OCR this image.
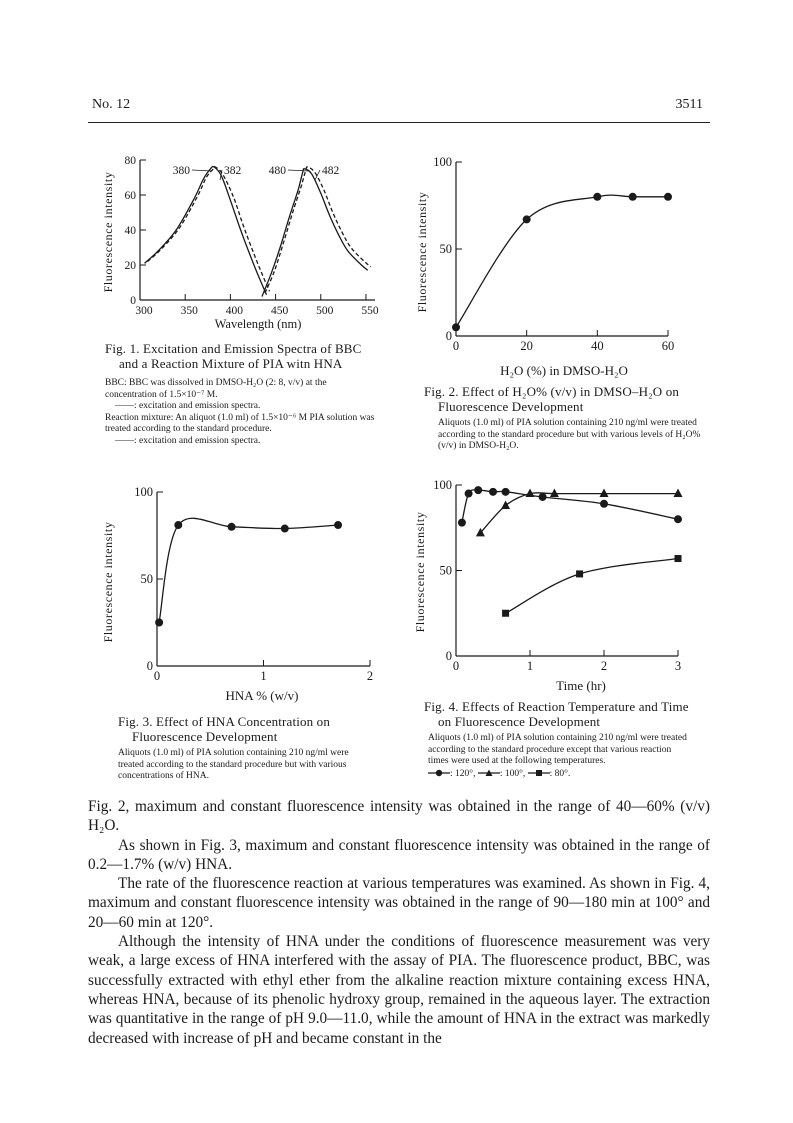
No. 12	3511
Fluorescence intensity
Wavelength (nm)
0
20
40
60
80
300 350 400 450 500 550
380	382 480	482
Fig. 1. Excitation and Emission Spectra of BBC and a Reaction Mixture of PIA witn HNA
BBC: BBC was dissolved in DMSO-H₂O (2: 8, v/v) at the concentration of 1.5×10⁻⁷ M.
——: excitation and emission spectra.
Reaction mixture: An aliquot (1.0 ml) of 1.5×10⁻⁶ M PIA solution was treated according to the standard procedure.
——: excitation and emission spectra.
Fluorescence intensity
H₂O (%) in DMSO-H₂O
0
50
100
0	20	40	60
Fig. 2. Effect of H₂O% (v/v) in DMSO–H₂O on Fluorescence Development
Aliquots (1.0 ml) of PIA solution containing 210 ng/ml were treated according to the standard procedure but with various levels of H₂O% (v/v) in DMSO-H₂O.
Fluorescence intensity
HNA % (w/v)
0
50
100
0	1	2
Fig. 3. Effect of HNA Concentration on Fluorescence Development
Aliquots (1.0 ml) of PIA solution containing 210 ng/ml were treated according to the standard procedure but with various concentrations of HNA.
Fluorescence intensity
Time (hr)
0
50
100
0	1	2	3
Fig. 4. Effects of Reaction Temperature and Time on Fluorescence Development
Aliquots (1.0 ml) of PIA solution containing 210 ng/ml were treated according to the standard procedure except that various reaction times were used at the following temperatures.
: 120°,	: 100°,	: 80°.

Fig. 2, maximum and constant fluorescence intensity was obtained in the range of 40—60% (v/v) H₂O.

As shown in Fig. 3, maximum and constant fluorescence intensity was obtained in the range of 0.2—1.7% (w/v) HNA.

The rate of the fluorescence reaction at various temperatures was examined. As shown in Fig. 4, maximum and constant fluorescence intensity was obtained in the range of 90—180 min at 100° and 20—60 min at 120°.

Although the intensity of HNA under the conditions of fluorescence measurement was very weak, a large excess of HNA interfered with the assay of PIA. The fluorescence product, BBC, was successfully extracted with ethyl ether from the alkaline reaction mixture containing excess HNA, whereas HNA, because of its phenolic hydroxy group, remained in the aqueous layer. The extraction was quantitative in the range of pH 9.0—11.0, while the amount of HNA in the extract was markedly decreased with increase of pH and became constant in the
